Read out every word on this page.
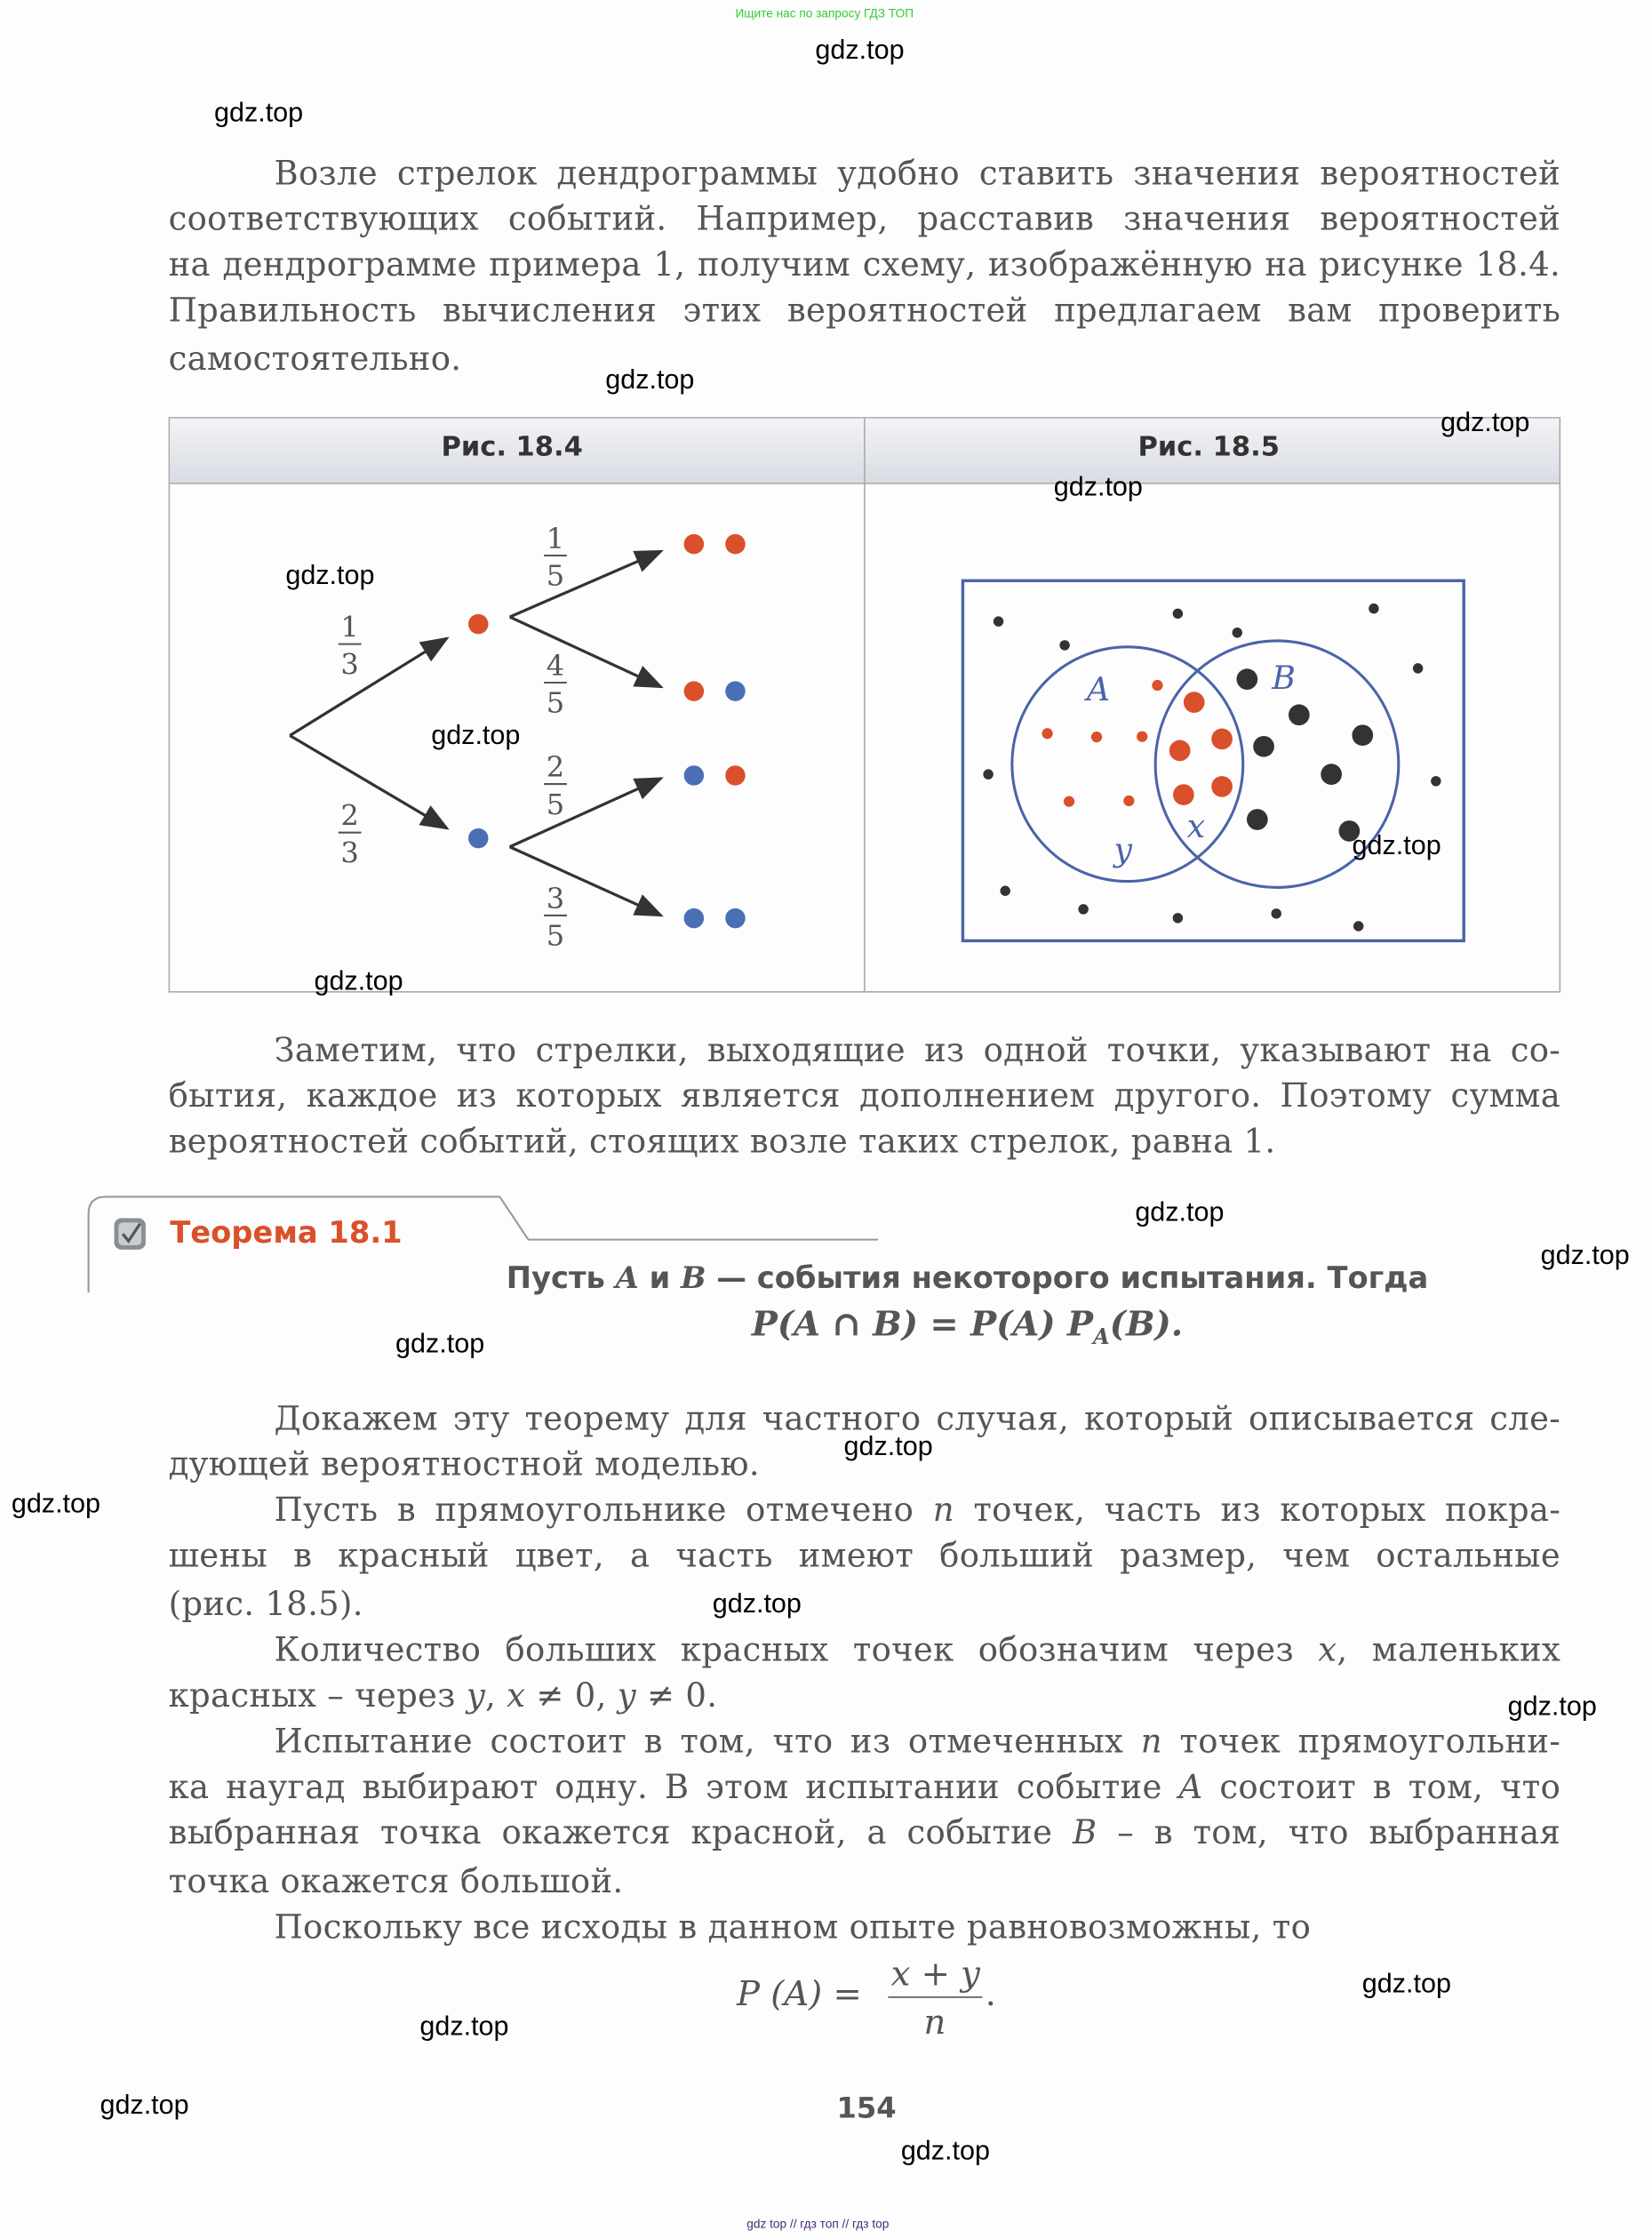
Ищите нас по запросу ГДЗ ТОП
Возле стрелок дендрограммы удобно ставить значения вероятностей
соответствующих событий. Например, расставив значения вероятностей
на дендрограмме примера 1, получим схему, изображённую на рисунке 18.4.
Правильность вычисления этих вероятностей предлагаем вам проверить
самостоятельно.
Рис. 18.4	Рис. 18.5
1
3
2
3
1
5
4
5
2
5
3
5
A B
x
y
Заметим, что стрелки, выходящие из одной точки, указывают на со-
бытия, каждое из которых является дополнением другого. Поэтому сумма
вероятностей событий, стоящих возле таких стрелок, равна 1.
Теорема 18.1
Пусть A и B — события некоторого испытания. Тогда
P(A ∩ B) = P(A) $P_A(B)$.
Докажем эту теорему для частного случая, который описывается сле-
дующей вероятностной моделью.
Пусть в прямоугольнике отмечено n точек, часть из которых покра-
шены в красный цвет, а часть имеют больший размер, чем остальные
(рис. 18.5).
Количество больших красных точек обозначим через x, маленьких
красных – через y, x ≠ 0, y ≠ 0.
Испытание состоит в том, что из отмеченных n точек прямоугольни-
ка наугад выбирают одну. В этом испытании событие A состоит в том, что
выбранная точка окажется красной, а событие B – в том, что выбранная
точка окажется большой.
Поскольку все исходы в данном опыте равновозможны, то
P (A) = x + y
n
.
154
gdz top // гдз топ // гдз top
gdz.top
gdz.top
gdz.top
gdz.top
gdz.top
gdz.top
gdz.top
gdz.top
gdz.top
gdz.top
gdz.top
gdz.top
gdz.top
gdz.top
gdz.top
gdz.top
gdz.top
gdz.top
gdz.top
gdz.top
